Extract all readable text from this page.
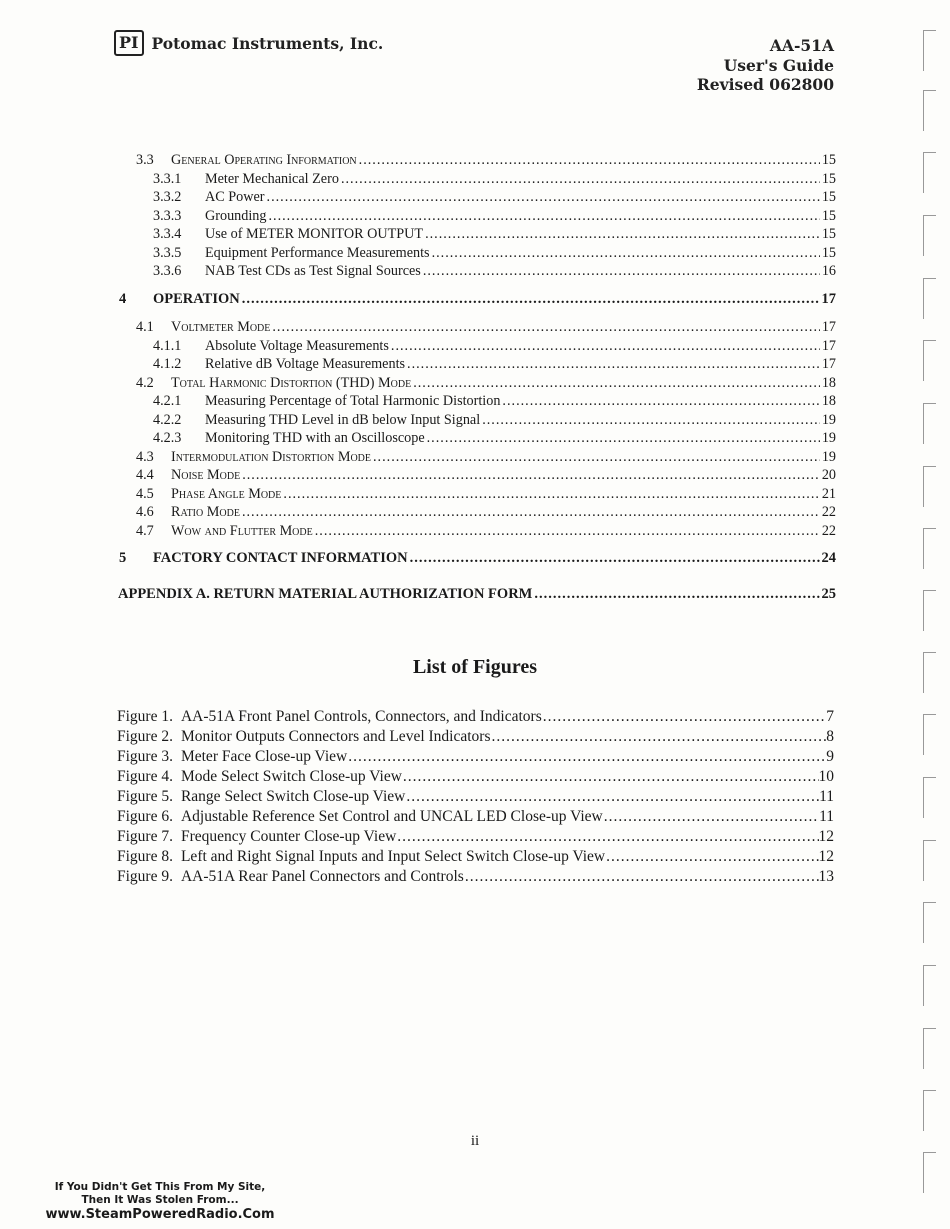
PI Potomac Instruments, Inc.	AA-51A
User's Guide
Revised 062800
3.3 General Operating Information .....	15
3.3.1 Meter Mechanical Zero .....	15
3.3.2 AC Power .....	15
3.3.3 Grounding .....	15
3.3.4 Use of METER MONITOR OUTPUT .....	15
3.3.5 Equipment Performance Measurements .....	15
3.3.6 NAB Test CDs as Test Signal Sources .....	16
4 OPERATION .....	17
4.1 Voltmeter Mode .....	17
4.1.1 Absolute Voltage Measurements .....	17
4.1.2 Relative dB Voltage Measurements .....	17
4.2 Total Harmonic Distortion (THD) Mode .....	18
4.2.1 Measuring Percentage of Total Harmonic Distortion .....	18
4.2.2 Measuring THD Level in dB below Input Signal .....	19
4.2.3 Monitoring THD with an Oscilloscope .....	19
4.3 Intermodulation Distortion Mode .....	19
4.4 Noise Mode .....	20
4.5 Phase Angle Mode .....	21
4.6 Ratio Mode .....	22
4.7 Wow and Flutter Mode .....	22
5 FACTORY CONTACT INFORMATION .....	24
APPENDIX A. RETURN MATERIAL AUTHORIZATION FORM .....	25
List of Figures
Figure 1. AA-51A Front Panel Controls, Connectors, and Indicators .....	7
Figure 2. Monitor Outputs Connectors and Level Indicators .....	8
Figure 3. Meter Face Close-up View .....	9
Figure 4. Mode Select Switch Close-up View .....	10
Figure 5. Range Select Switch Close-up View .....	11
Figure 6. Adjustable Reference Set Control and UNCAL LED Close-up View .....	11
Figure 7. Frequency Counter Close-up View .....	12
Figure 8. Left and Right Signal Inputs and Input Select Switch Close-up View .....	12
Figure 9. AA-51A Rear Panel Connectors and Controls .....	13
ii
If You Didn't Get This From My Site,
Then It Was Stolen From...
www.SteamPoweredRadio.Com
